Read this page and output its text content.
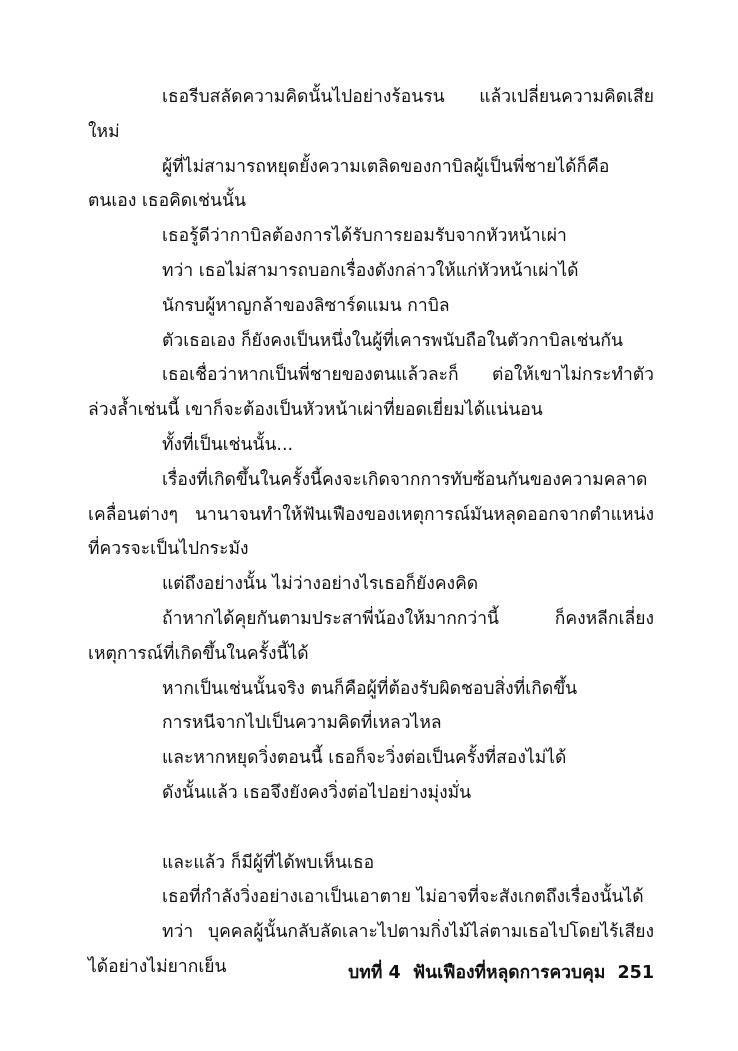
เธอรีบสลัดความคิดนั้นไปอย่างร้อนรน แล้วเปลี่ยนความคิดเสียใหม่

ผู้ที่ไม่สามารถหยุดยั้งความเตลิดของกาบิลผู้เป็นพี่ชายได้ก็คือตนเอง เธอคิดเช่นนั้น

เธอรู้ดีว่ากาบิลต้องการได้รับการยอมรับจากหัวหน้าเผ่า

ทว่า เธอไม่สามารถบอกเรื่องดังกล่าวให้แก่หัวหน้าเผ่าได้

นักรบผู้หาญกล้าของลิซาร์ดแมน กาบิล

ตัวเธอเอง ก็ยังคงเป็นหนึ่งในผู้ที่เคารพนับถือในตัวกาบิลเช่นกัน

เธอเชื่อว่าหากเป็นพี่ชายของตนแล้วละก็ ต่อให้เขาไม่กระทำตัวล่วงล้ำเช่นนี้ เขาก็จะต้องเป็นหัวหน้าเผ่าที่ยอดเยี่ยมได้แน่นอน

ทั้งที่เป็นเช่นนั้น...

เรื่องที่เกิดขึ้นในครั้งนี้คงจะเกิดจากการทับซ้อนกันของความคลาดเคลื่อนต่างๆ นานาจนทำให้ฟันเฟืองของเหตุการณ์มันหลุดออกจากตำแหน่งที่ควรจะเป็นไปกระมัง

แต่ถึงอย่างนั้น ไม่ว่างอย่างไรเธอก็ยังคงคิด

ถ้าหากได้คุยกันตามประสาพี่น้องให้มากกว่านี้ ก็คงหลีกเลี่ยงเหตุการณ์ที่เกิดขึ้นในครั้งนี้ได้

หากเป็นเช่นนั้นจริง ตนก็คือผู้ที่ต้องรับผิดชอบสิ่งที่เกิดขึ้น

การหนีจากไปเป็นความคิดที่เหลวไหล

และหากหยุดวิ่งตอนนี้ เธอก็จะวิ่งต่อเป็นครั้งที่สองไม่ได้

ดังนั้นแล้ว เธอจึงยังคงวิ่งต่อไปอย่างมุ่งมั่น

และแล้ว ก็มีผู้ที่ได้พบเห็นเธอ

เธอที่กำลังวิ่งอย่างเอาเป็นเอาตาย ไม่อาจที่จะสังเกตถึงเรื่องนั้นได้

ทว่า บุคคลผู้นั้นกลับลัดเลาะไปตามกิ่งไม้ไล่ตามเธอไปโดยไร้เสียงได้อย่างไม่ยากเย็น	บทที่ 4 ฟันเฟืองที่หลุดการควบคุม 251
